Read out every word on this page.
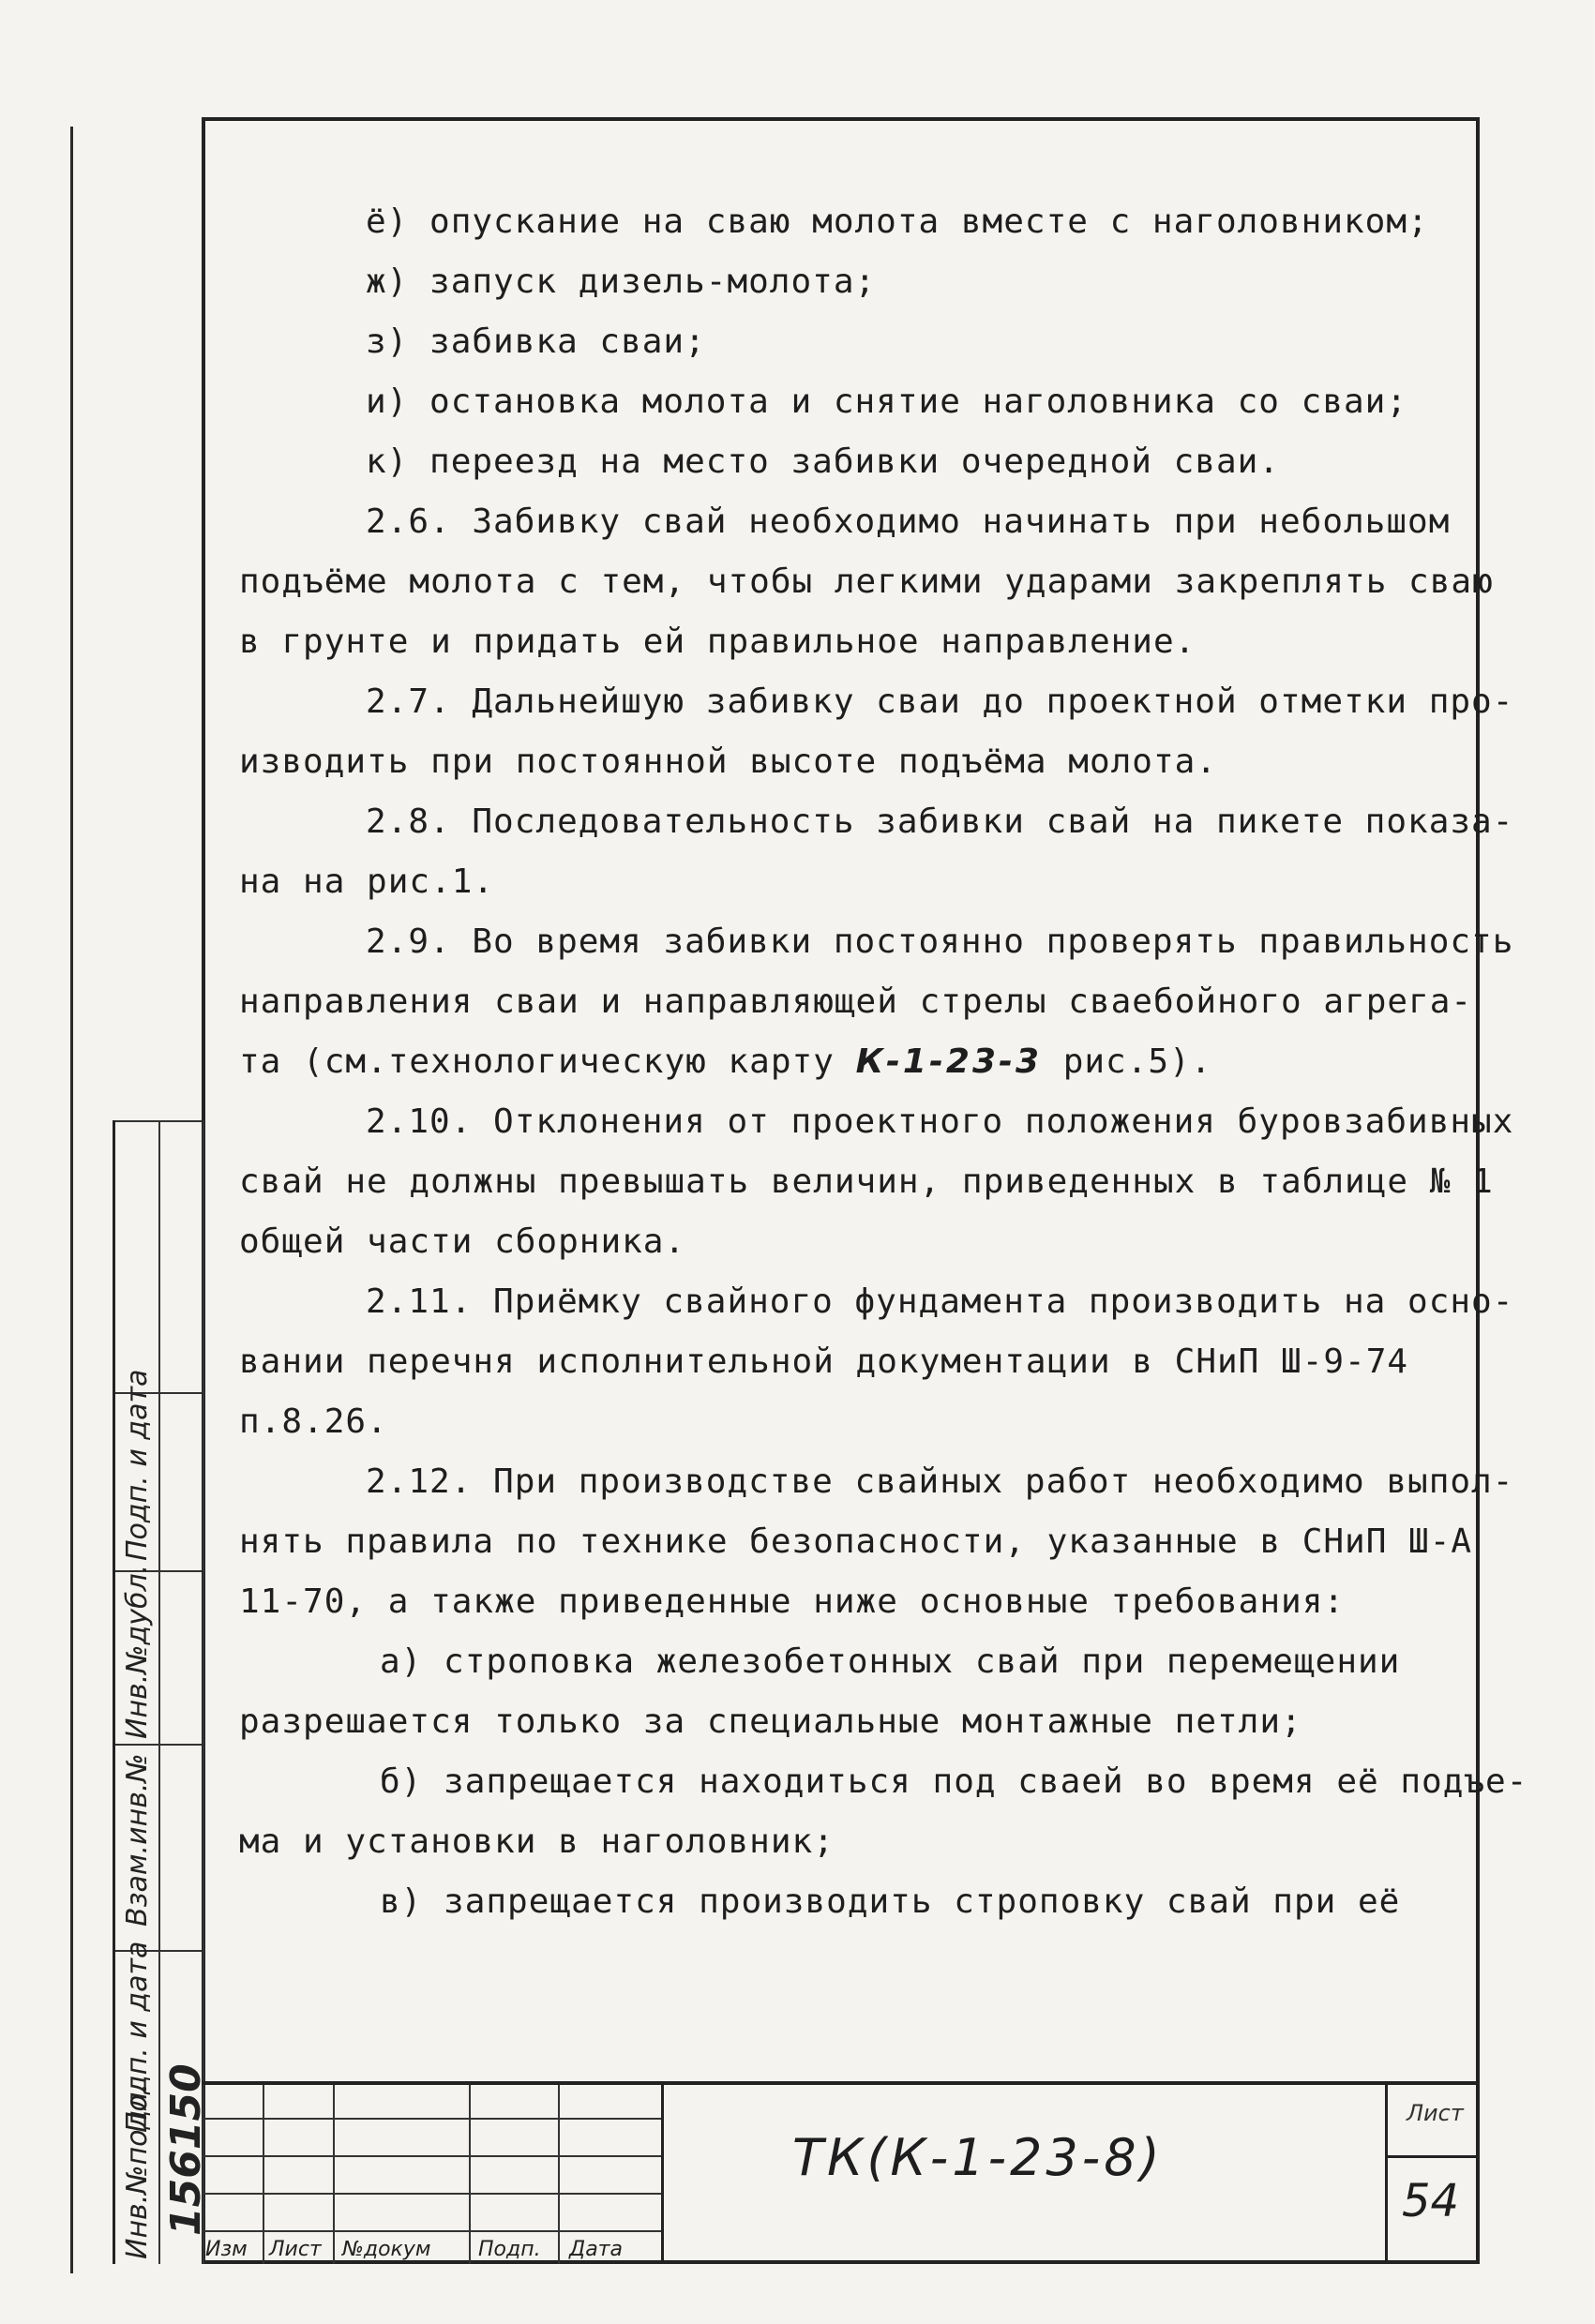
ё) опускание на сваю молота вместе с наголовником;
ж) запуск дизель-молота;
з) забивка сваи;
и) остановка молота и снятие наголовника со сваи;
к) переезд на место забивки очередной сваи.
2.6. Забивку свай необходимо начинать при небольшом
подъёме молота с тем, чтобы легкими ударами закреплять сваю
в грунте и придать ей правильное направление.
2.7. Дальнейшую забивку сваи до проектной отметки про-
изводить при постоянной высоте подъёма молота.
2.8. Последовательность забивки свай на пикете показа-
на на рис.1.
2.9. Во время забивки постоянно проверять правильность
направления сваи и направляющей стрелы сваебойного агрега-
та (см.технологическую карту К-1-23-3 рис.5).
2.10. Отклонения от проектного положения буровзабивных
свай не должны превышать величин, приведенных в таблице № 1
общей части сборника.
2.11. Приёмку свайного фундамента производить на осно-
вании перечня исполнительной документации в СНиП Ш-9-74
п.8.26.
2.12. При производстве свайных работ необходимо выпол-
нять правила по технике безопасности, указанные в СНиП Ш-А
11-70, а также приведенные ниже основные требования:
а) строповка железобетонных свай при перемещении
разрешается только за специальные монтажные петли;
б) запрещается находиться под сваей во время её подъе-
ма и установки в наголовник;
в) запрещается производить строповку свай при её
Инв.№подл.
Подп. и дата
Взам.инв.№
Инв.№дубл.
Подп. и дата
156150
Изм Лист №докум Подп. Дата
ТК(К-1-23-8)
Лист
54
